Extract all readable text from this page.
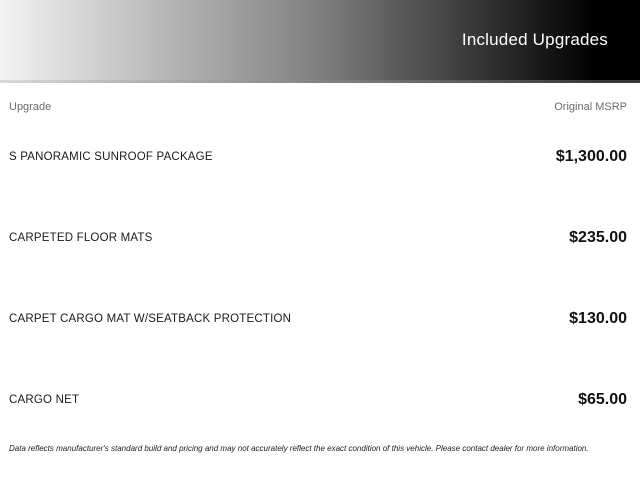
Included Upgrades
Upgrade	Original MSRP
S PANORAMIC SUNROOF PACKAGE	$1,300.00
CARPETED FLOOR MATS	$235.00
CARPET CARGO MAT W/SEATBACK PROTECTION	$130.00
CARGO NET	$65.00
Data reflects manufacturer's standard build and pricing and may not accurately reflect the exact condition of this vehicle. Please contact dealer for more information.
